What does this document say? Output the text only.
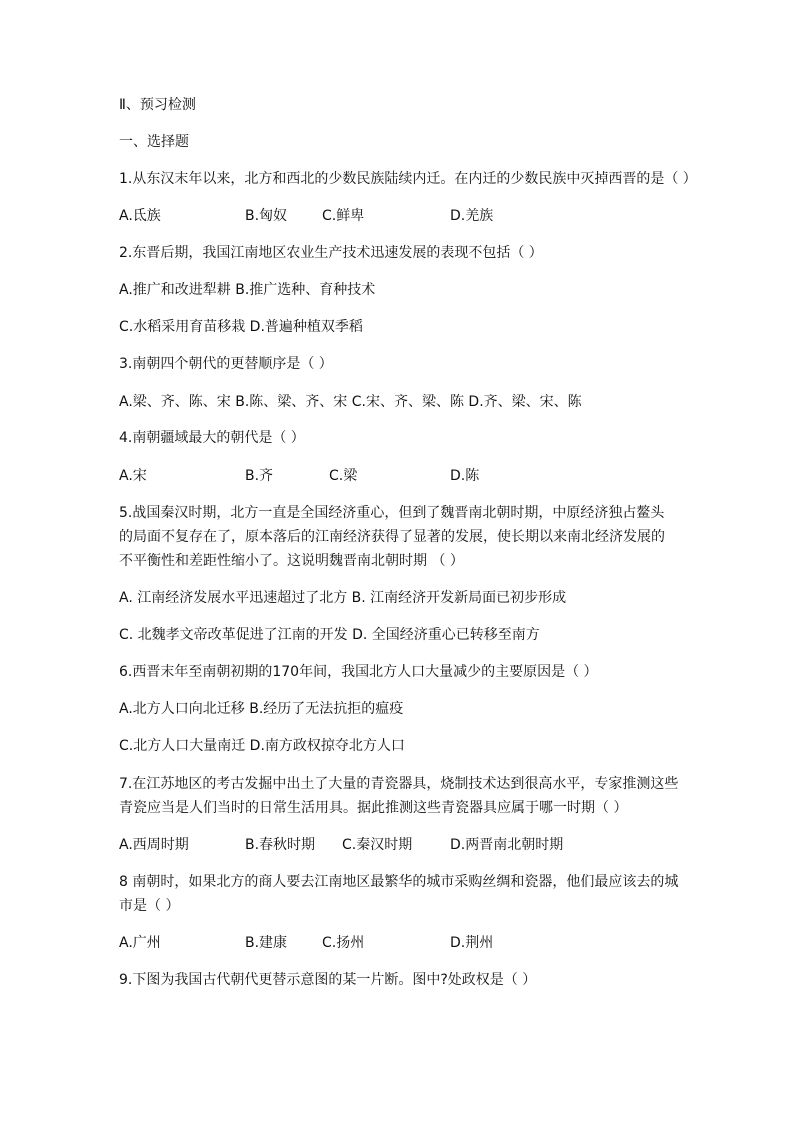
Ⅱ、预习检测
一、选择题
1.从东汉末年以来，北方和西北的少数民族陆续内迁。在内迁的少数民族中灭掉西晋的是（ ）
A.氐族	B.匈奴 C.鲜卑	D.羌族
2.东晋后期，我国江南地区农业生产技术迅速发展的表现不包括（ ）
A.推广和改进犁耕 B.推广选种、育种技术
C.水稻采用育苗移栽 D.普遍种植双季稻
3.南朝四个朝代的更替顺序是（ ）
A.梁、齐、陈、宋 B.陈、梁、齐、宋 C.宋、齐、梁、陈 D.齐、梁、宋、陈
4.南朝疆域最大的朝代是（ ）
A.宋	B.齐	C.梁	D.陈
5.战国秦汉时期，北方一直是全国经济重心，但到了魏晋南北朝时期，中原经济独占鳌头
的局面不复存在了，原本落后的江南经济获得了显著的发展，使长期以来南北经济发展的
不平衡性和差距性缩小了。这说明魏晋南北朝时期 （ ）
A. 江南经济发展水平迅速超过了北方 B. 江南经济开发新局面已初步形成
C. 北魏孝文帝改革促进了江南的开发 D. 全国经济重心已转移至南方
6.西晋末年至南朝初期的170年间，我国北方人口大量减少的主要原因是（ ）
A.北方人口向北迁移 B.经历了无法抗拒的瘟疫
C.北方人口大量南迁 D.南方政权掠夺北方人口
7.在江苏地区的考古发掘中出土了大量的青瓷器具，烧制技术达到很高水平，专家推测这些
青瓷应当是人们当时的日常生活用具。据此推测这些青瓷器具应属于哪一时期（ ）
A.西周时期	B.春秋时期 C.秦汉时期	D.两晋南北朝时期
8 南朝时，如果北方的商人要去江南地区最繁华的城市采购丝绸和瓷器，他们最应该去的城
市是（ ）
A.广州	B.建康 C.扬州	D.荆州
9.下图为我国古代朝代更替示意图的某一片断。图中?处政权是（ ）
